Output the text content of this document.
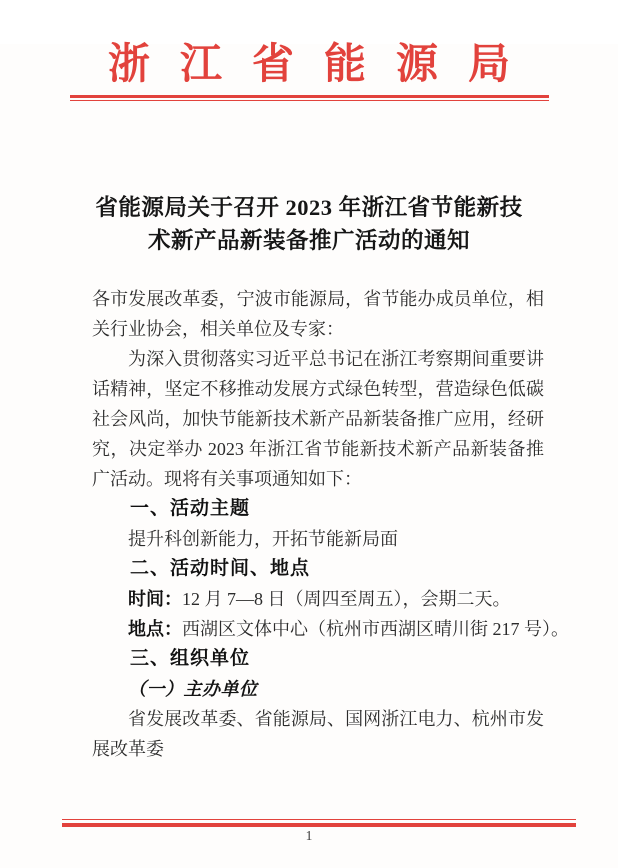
浙江省能源局
省能源局关于召开 2023 年浙江省节能新技
术新产品新装备推广活动的通知

各市发展改革委，宁波市能源局，省节能办成员单位，相关行业协会，相关单位及专家：

为深入贯彻落实习近平总书记在浙江考察期间重要讲话精神，坚定不移推动发展方式绿色转型，营造绿色低碳社会风尚，加快节能新技术新产品新装备推广应用，经研究，决定举办 2023 年浙江省节能新技术新产品新装备推广活动。现将有关事项通知如下：

一、活动主题

提升科创新能力，开拓节能新局面

二、活动时间、地点

时间：12 月 7—8 日（周四至周五），会期二天。

地点：西湖区文体中心（杭州市西湖区晴川街 217 号）。

三、组织单位

（一）主办单位

省发展改革委、省能源局、国网浙江电力、杭州市发展改革委

1
